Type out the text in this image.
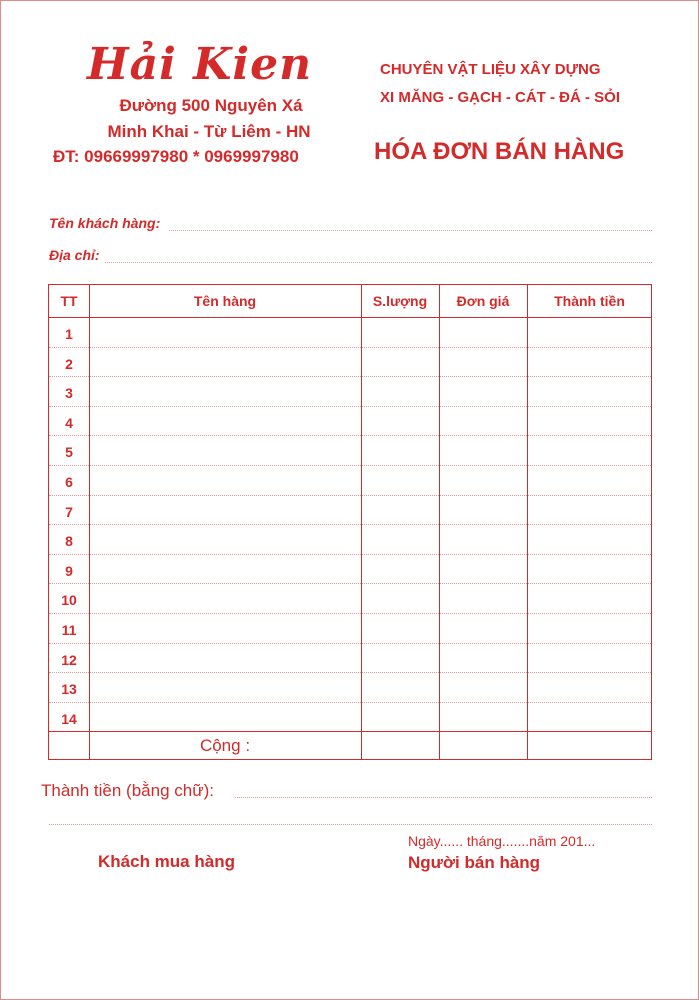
Hải Kien
Đường 500 Nguyên Xá
Minh Khai - Từ Liêm - HN
ĐT: 09669997980 * 0969997980
CHUYÊN VẬT LIỆU XÂY DỰNG
XI MĂNG - GẠCH - CÁT - ĐÁ - SỎI
HÓA ĐƠN BÁN HÀNG
Tên khách hàng:
Địa chỉ:
TT	Tên hàng	S.lượng	Đơn giá	Thành tiền
1
2
3
4
5
6
7
8
9
10
11
12
13
14
Cộng :
Thành tiền (bằng chữ):
Ngày...... tháng.......năm 201...
Khách mua hàng	Người bán hàng
